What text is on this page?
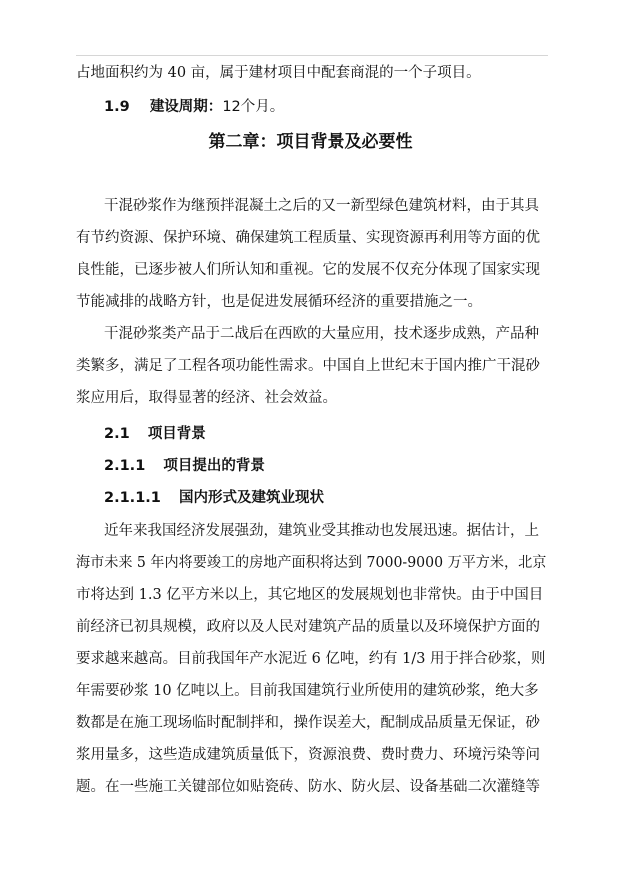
占地面积约为 40 亩，属于建材项目中配套商混的一个子项目。
1.9 建设周期：12个月。
第二章：项目背景及必要性
干混砂浆作为继预拌混凝土之后的又一新型绿色建筑材料，由于其具
有节约资源、保护环境、确保建筑工程质量、实现资源再利用等方面的优
良性能，已逐步被人们所认知和重视。它的发展不仅充分体现了国家实现
节能减排的战略方针，也是促进发展循环经济的重要措施之一。
干混砂浆类产品于二战后在西欧的大量应用，技术逐步成熟，产品种
类繁多，满足了工程各项功能性需求。中国自上世纪末于国内推广干混砂
浆应用后，取得显著的经济、社会效益。
2.1 项目背景
2.1.1 项目提出的背景
2.1.1.1 国内形式及建筑业现状
近年来我国经济发展强劲，建筑业受其推动也发展迅速。据估计，上
海市未来 5 年内将要竣工的房地产面积将达到 7000-9000 万平方米，北京
市将达到 1.3 亿平方米以上，其它地区的发展规划也非常快。由于中国目
前经济已初具规模，政府以及人民对建筑产品的质量以及环境保护方面的
要求越来越高。目前我国年产水泥近 6 亿吨，约有 1/3 用于拌合砂浆，则
年需要砂浆 10 亿吨以上。目前我国建筑行业所使用的建筑砂浆，绝大多
数都是在施工现场临时配制拌和，操作误差大，配制成品质量无保证，砂
浆用量多，这些造成建筑质量低下，资源浪费、费时费力、环境污染等问
题。在一些施工关键部位如贴瓷砖、防水、防火层、设备基础二次灌缝等
